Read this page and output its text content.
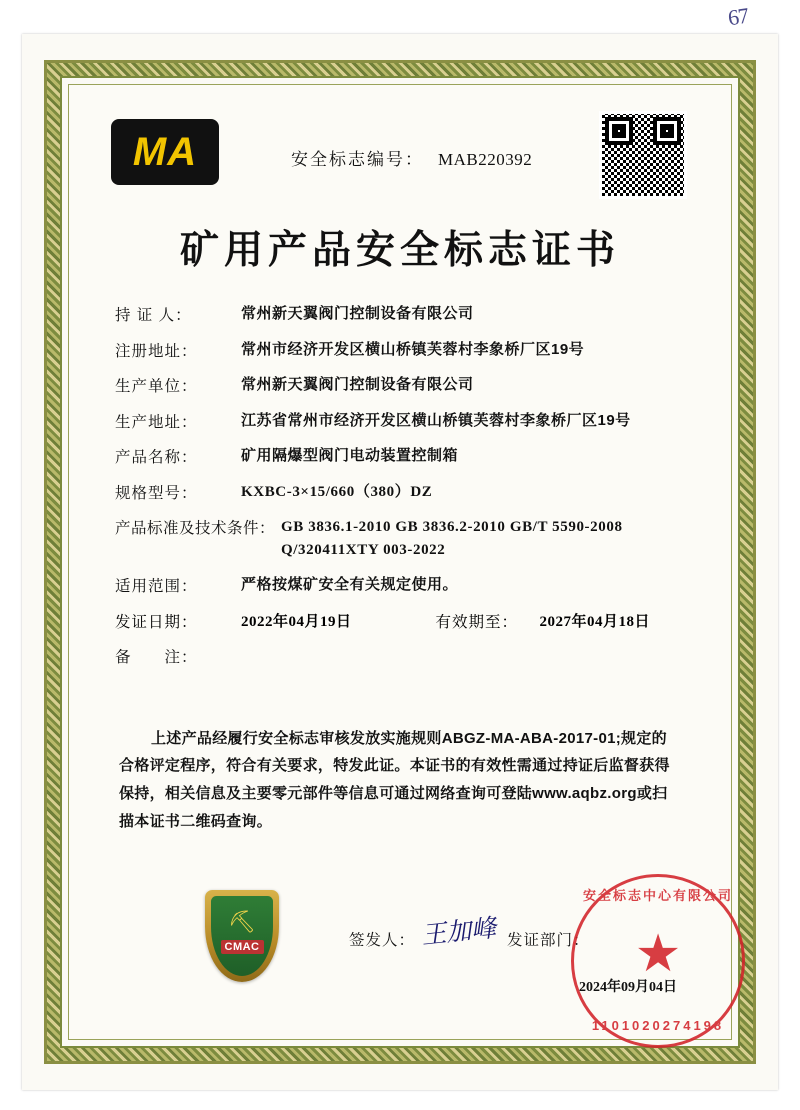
67
MA	安全标志编号： MAB220392
矿用产品安全标志证书
持 证 人：	常州新天翼阀门控制设备有限公司
注册地址：	常州市经济开发区横山桥镇芙蓉村李象桥厂区19号
生产单位：	常州新天翼阀门控制设备有限公司
生产地址：	江苏省常州市经济开发区横山桥镇芙蓉村李象桥厂区19号
产品名称：	矿用隔爆型阀门电动装置控制箱
规格型号：	KXBC-3×15/660（380）DZ
产品标准及技术条件： GB 3836.1-2010 GB 3836.2-2010 GB/T 5590-2008 Q/320411XTY 003-2022
适用范围：	严格按煤矿安全有关规定使用。
发证日期：	2022年04月19日	有效期至：	2027年04月18日
备　　注：
上述产品经履行安全标志审核发放实施规则ABGZ-MA-ABA-2017-01;规定的合格评定程序，符合有关要求，特发此证。本证书的有效性需通过持证后监督获得保持，相关信息及主要零元部件等信息可通过网络查询可登陆www.aqbz.org或扫描本证书二维码查询。
⛏
CMAC	签发人： 王加峰 发证部门：
安全标志中心有限公司
★
1101020274198
2024年09月04日
